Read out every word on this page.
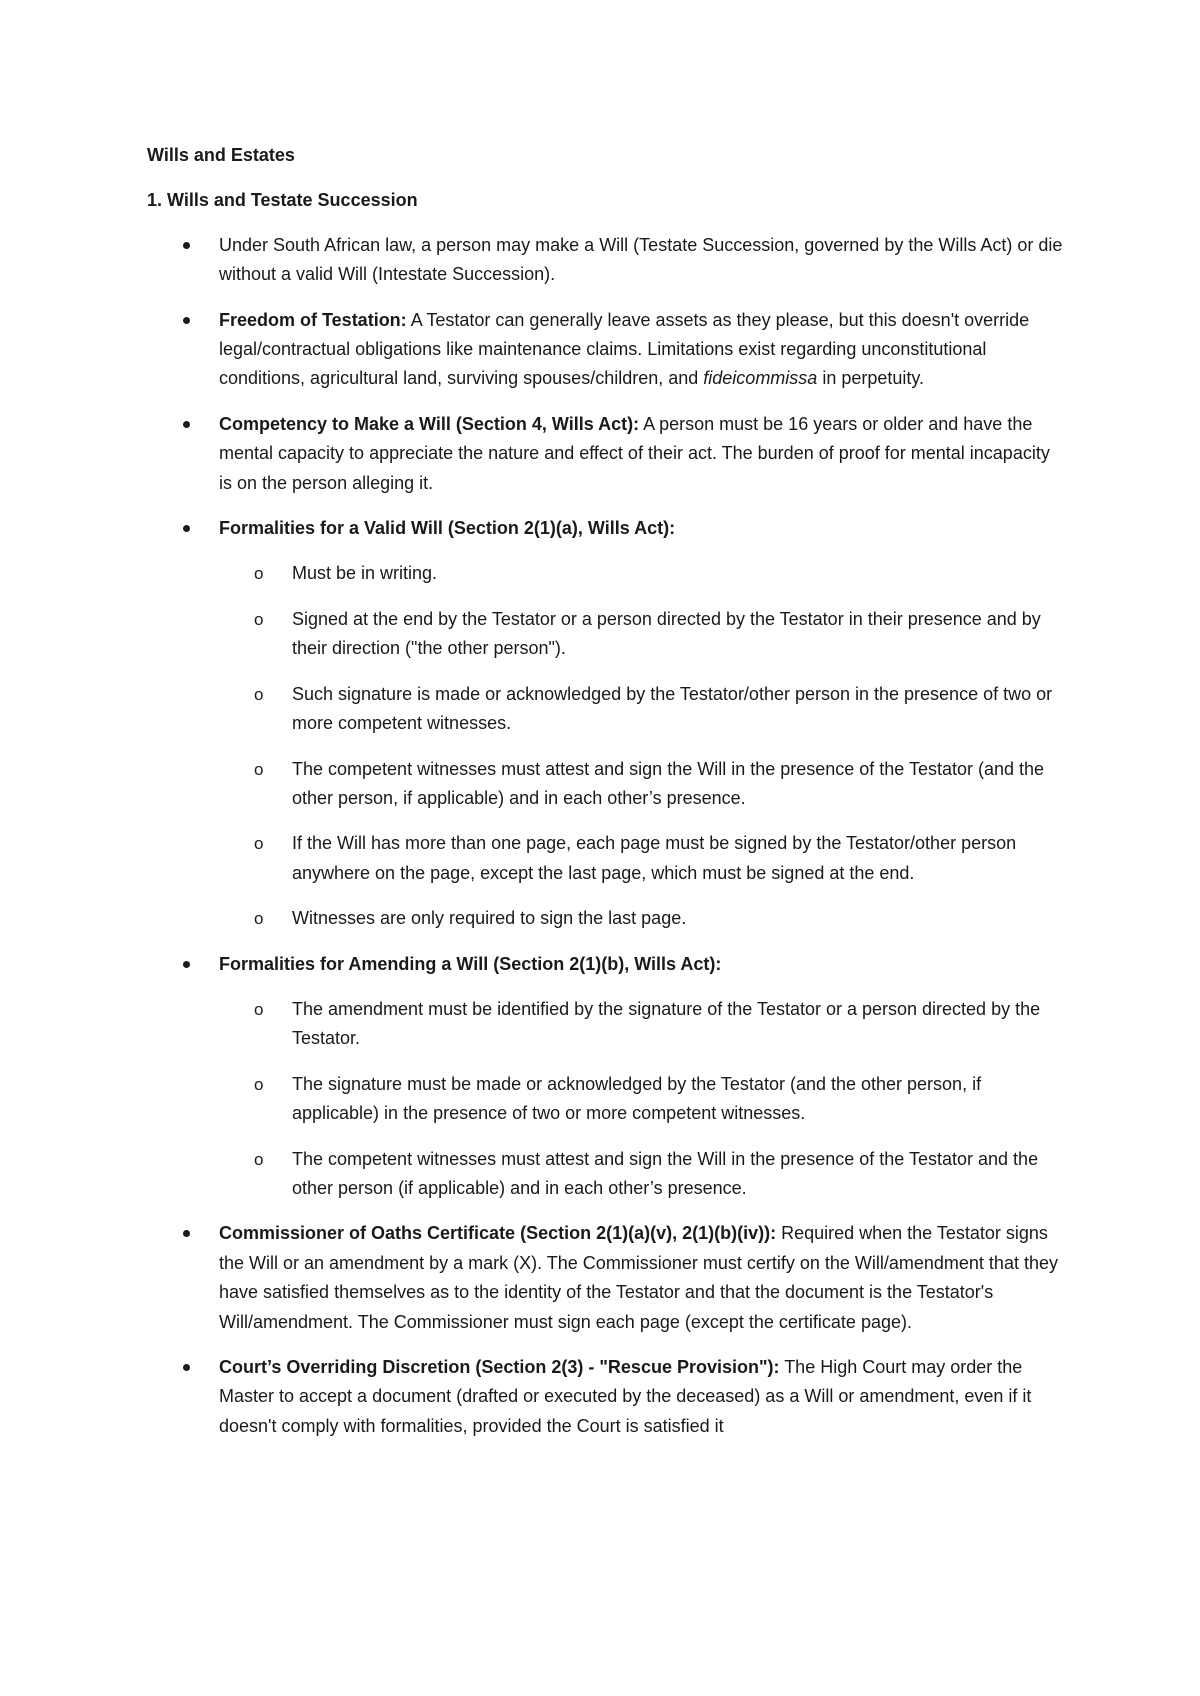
Wills and Estates
1. Wills and Testate Succession
Under South African law, a person may make a Will (Testate Succession, governed by the Wills Act) or die without a valid Will (Intestate Succession).
Freedom of Testation: A Testator can generally leave assets as they please, but this doesn't override legal/contractual obligations like maintenance claims. Limitations exist regarding unconstitutional conditions, agricultural land, surviving spouses/children, and fideicommissa in perpetuity.
Competency to Make a Will (Section 4, Wills Act): A person must be 16 years or older and have the mental capacity to appreciate the nature and effect of their act. The burden of proof for mental incapacity is on the person alleging it.
Formalities for a Valid Will (Section 2(1)(a), Wills Act):
o Must be in writing.
o Signed at the end by the Testator or a person directed by the Testator in their presence and by their direction ("the other person").
o Such signature is made or acknowledged by the Testator/other person in the presence of two or more competent witnesses.
o The competent witnesses must attest and sign the Will in the presence of the Testator (and the other person, if applicable) and in each other’s presence.
o If the Will has more than one page, each page must be signed by the Testator/other person anywhere on the page, except the last page, which must be signed at the end.
o Witnesses are only required to sign the last page.
Formalities for Amending a Will (Section 2(1)(b), Wills Act):
o The amendment must be identified by the signature of the Testator or a person directed by the Testator.
o The signature must be made or acknowledged by the Testator (and the other person, if applicable) in the presence of two or more competent witnesses.
o The competent witnesses must attest and sign the Will in the presence of the Testator and the other person (if applicable) and in each other’s presence.
Commissioner of Oaths Certificate (Section 2(1)(a)(v), 2(1)(b)(iv)): Required when the Testator signs the Will or an amendment by a mark (X). The Commissioner must certify on the Will/amendment that they have satisfied themselves as to the identity of the Testator and that the document is the Testator's Will/amendment. The Commissioner must sign each page (except the certificate page).
Court’s Overriding Discretion (Section 2(3) - "Rescue Provision"): The High Court may order the Master to accept a document (drafted or executed by the deceased) as a Will or amendment, even if it doesn't comply with formalities, provided the Court is satisfied it
